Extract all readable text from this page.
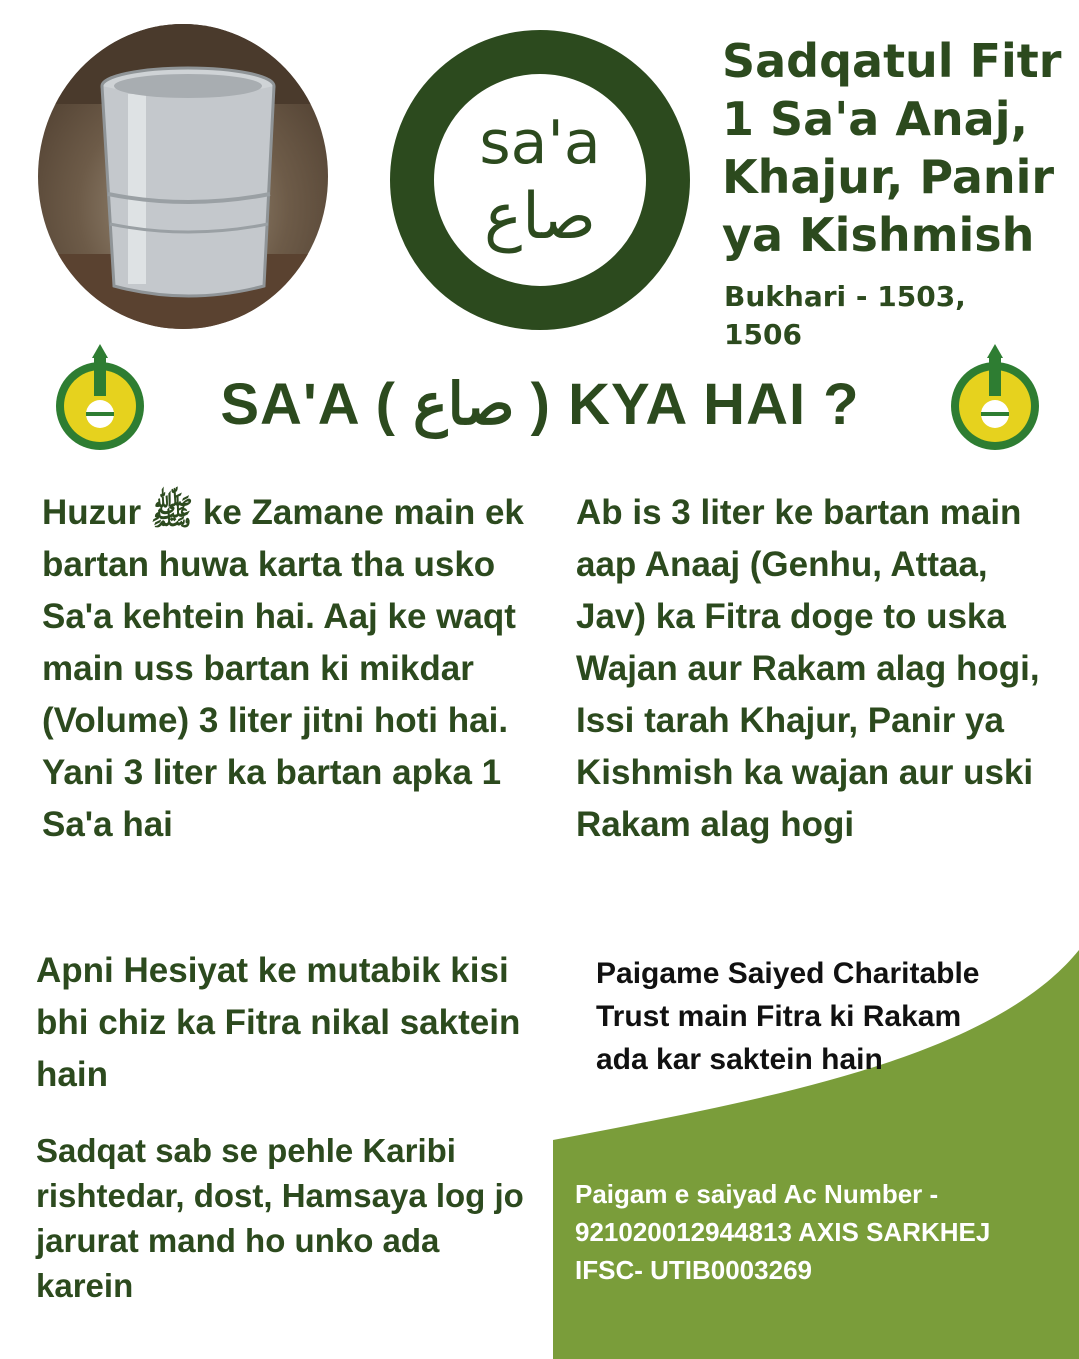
sa'a
صاع
Sadqatul Fitr
1 Sa'a Anaj,
Khajur, Panir
ya Kishmish
Bukhari - 1503, 1506
SA'A ( صاع ) KYA HAI ?
Huzur ﷺ ke Zamane main ek bartan huwa karta tha usko Sa'a kehtein hai. Aaj ke waqt main uss bartan ki mikdar (Volume) 3 liter jitni hoti hai. Yani 3 liter ka bartan apka 1 Sa'a hai
Ab is 3 liter ke bartan main aap Anaaj (Genhu, Attaa, Jav) ka Fitra doge to uska Wajan aur Rakam alag hogi, Issi tarah Khajur, Panir ya Kishmish ka wajan aur uski Rakam alag hogi
Apni Hesiyat ke mutabik kisi bhi chiz ka Fitra nikal saktein hain
Sadqat sab se pehle Karibi rishtedar, dost, Hamsaya log jo jarurat mand ho unko ada karein
Paigame Saiyed Charitable Trust main Fitra ki Rakam ada kar saktein hain
Paigam e saiyad Ac Number - 921020012944813 AXIS SARKHEJ IFSC- UTIB0003269
